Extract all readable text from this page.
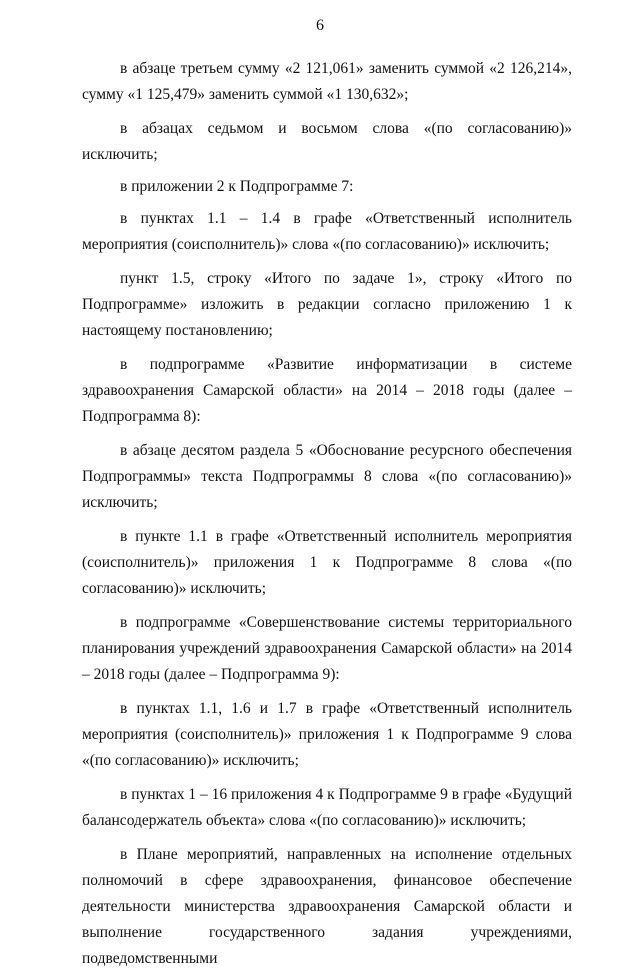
6

в абзаце третьем сумму «2 121,061» заменить суммой «2 126,214», сумму «1 125,479» заменить суммой «1 130,632»;

в абзацах седьмом и восьмом слова «(по согласованию)» исключить;

в приложении 2 к Подпрограмме 7:

в пунктах 1.1 – 1.4 в графе «Ответственный исполнитель мероприятия (соисполнитель)» слова «(по согласованию)» исключить;

пункт 1.5, строку «Итого по задаче 1», строку «Итого по Подпрограмме» изложить в редакции согласно приложению 1 к настоящему постановлению;

в подпрограмме «Развитие информатизации в системе здравоохранения Самарской области» на 2014 – 2018 годы (далее – Подпрограмма 8):

в абзаце десятом раздела 5 «Обоснование ресурсного обеспечения Подпрограммы» текста Подпрограммы 8 слова «(по согласованию)» исключить;

в пункте 1.1 в графе «Ответственный исполнитель мероприятия (соисполнитель)» приложения 1 к Подпрограмме 8 слова «(по согласованию)» исключить;

в подпрограмме «Совершенствование системы территориального планирования учреждений здравоохранения Самарской области» на 2014 – 2018 годы (далее – Подпрограмма 9):

в пунктах 1.1, 1.6 и 1.7 в графе «Ответственный исполнитель мероприятия (соисполнитель)» приложения 1 к Подпрограмме 9 слова «(по согласованию)» исключить;

в пунктах 1 – 16 приложения 4 к Подпрограмме 9 в графе «Будущий балансодержатель объекта» слова «(по согласованию)» исключить;

в Плане мероприятий, направленных на исполнение отдельных полномочий в сфере здравоохранения, финансовое обеспечение деятельности министерства здравоохранения Самарской области и выполнение государственного задания учреждениями, подведомственными
